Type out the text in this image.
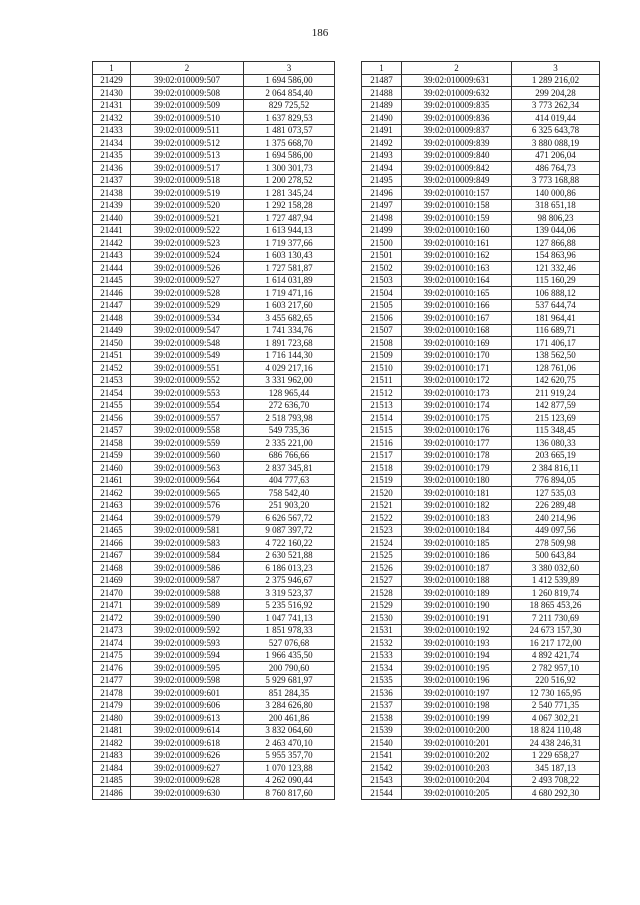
186
1	2	3
21429	39:02:010009:507	1 694 586,00
21430	39:02:010009:508	2 064 854,40
21431	39:02:010009:509	829 725,52
21432	39:02:010009:510	1 637 829,53
21433	39:02:010009:511	1 481 073,57
21434	39:02:010009:512	1 375 668,70
21435	39:02:010009:513	1 694 586,00
21436	39:02:010009:517	1 300 301,73
21437	39:02:010009:518	1 200 278,52
21438	39:02:010009:519	1 281 345,24
21439	39:02:010009:520	1 292 158,28
21440	39:02:010009:521	1 727 487,94
21441	39:02:010009:522	1 613 944,13
21442	39:02:010009:523	1 719 377,66
21443	39:02:010009:524	1 603 130,43
21444	39:02:010009:526	1 727 581,87
21445	39:02:010009:527	1 614 031,89
21446	39:02:010009:528	1 719 471,16
21447	39:02:010009:529	1 603 217,60
21448	39:02:010009:534	3 455 682,65
21449	39:02:010009:547	1 741 334,76
21450	39:02:010009:548	1 891 723,68
21451	39:02:010009:549	1 716 144,30
21452	39:02:010009:551	4 029 217,16
21453	39:02:010009:552	3 331 962,00
21454	39:02:010009:553	128 965,44
21455	39:02:010009:554	272 636,70
21456	39:02:010009:557	2 518 793,98
21457	39:02:010009:558	549 735,36
21458	39:02:010009:559	2 335 221,00
21459	39:02:010009:560	686 766,66
21460	39:02:010009:563	2 837 345,81
21461	39:02:010009:564	404 777,63
21462	39:02:010009:565	758 542,40
21463	39:02:010009:576	251 903,20
21464	39:02:010009:579	6 626 567,72
21465	39:02:010009:581	9 087 397,72
21466	39:02:010009:583	4 722 160,22
21467	39:02:010009:584	2 630 521,88
21468	39:02:010009:586	6 186 013,23
21469	39:02:010009:587	2 375 946,67
21470	39:02:010009:588	3 319 523,37
21471	39:02:010009:589	5 235 516,92
21472	39:02:010009:590	1 047 741,13
21473	39:02:010009:592	1 851 978,33
21474	39:02:010009:593	527 076,68
21475	39:02:010009:594	1 966 435,50
21476	39:02:010009:595	200 790,60
21477	39:02:010009:598	5 929 681,97
21478	39:02:010009:601	851 284,35
21479	39:02:010009:606	3 284 626,80
21480	39:02:010009:613	200 461,86
21481	39:02:010009:614	3 832 064,60
21482	39:02:010009:618	2 463 470,10
21483	39:02:010009:626	5 955 357,70
21484	39:02:010009:627	1 070 123,88
21485	39:02:010009:628	4 262 090,44
21486	39:02:010009:630	8 760 817,60
1	2	3
21487	39:02:010009:631	1 289 216,02
21488	39:02:010009:632	299 204,28
21489	39:02:010009:835	3 773 262,34
21490	39:02:010009:836	414 019,44
21491	39:02:010009:837	6 325 643,78
21492	39:02:010009:839	3 880 088,19
21493	39:02:010009:840	471 206,04
21494	39:02:010009:842	486 764,73
21495	39:02:010009:849	3 773 168,88
21496	39:02:010010:157	140 000,86
21497	39:02:010010:158	318 651,18
21498	39:02:010010:159	98 806,23
21499	39:02:010010:160	139 044,06
21500	39:02:010010:161	127 866,88
21501	39:02:010010:162	154 863,96
21502	39:02:010010:163	121 332,46
21503	39:02:010010:164	115 160,29
21504	39:02:010010:165	106 888,12
21505	39:02:010010:166	537 644,74
21506	39:02:010010:167	181 964,41
21507	39:02:010010:168	116 689,71
21508	39:02:010010:169	171 406,17
21509	39:02:010010:170	138 562,50
21510	39:02:010010:171	128 761,06
21511	39:02:010010:172	142 620,75
21512	39:02:010010:173	211 919,24
21513	39:02:010010:174	142 877,59
21514	39:02:010010:175	215 123,69
21515	39:02:010010:176	115 348,45
21516	39:02:010010:177	136 080,33
21517	39:02:010010:178	203 665,19
21518	39:02:010010:179	2 384 816,11
21519	39:02:010010:180	776 894,05
21520	39:02:010010:181	127 535,03
21521	39:02:010010:182	226 289,48
21522	39:02:010010:183	240 214,96
21523	39:02:010010:184	449 097,56
21524	39:02:010010:185	278 509,98
21525	39:02:010010:186	500 643,84
21526	39:02:010010:187	3 380 032,60
21527	39:02:010010:188	1 412 539,89
21528	39:02:010010:189	1 260 819,74
21529	39:02:010010:190	18 865 453,26
21530	39:02:010010:191	7 211 730,69
21531	39:02:010010:192	24 673 157,30
21532	39:02:010010:193	16 217 172,00
21533	39:02:010010:194	4 892 421,74
21534	39:02:010010:195	2 782 957,10
21535	39:02:010010:196	220 516,92
21536	39:02:010010:197	12 730 165,95
21537	39:02:010010:198	2 540 771,35
21538	39:02:010010:199	4 067 302,21
21539	39:02:010010:200	18 824 110,48
21540	39:02:010010:201	24 438 246,31
21541	39:02:010010:202	1 229 658,27
21542	39:02:010010:203	345 187,13
21543	39:02:010010:204	2 493 708,22
21544	39:02:010010:205	4 680 292,30
